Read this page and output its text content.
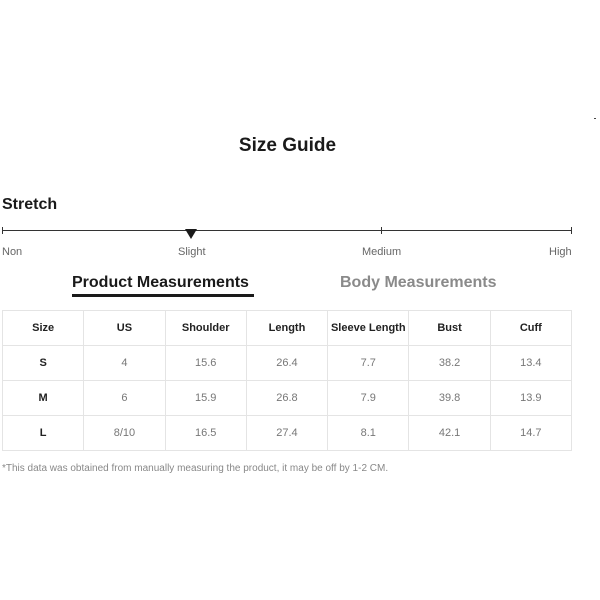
Size Guide
Stretch
Non	Slight	Medium	High
Product Measurements	Body Measurements
Size	US	Shoulder	Length	Sleeve Length	Bust	Cuff
S	4	15.6	26.4	7.7	38.2	13.4
M	6	15.9	26.8	7.9	39.8	13.9
L	8/10	16.5	27.4	8.1	42.1	14.7
*This data was obtained from manually measuring the product, it may be off by 1-2 CM.
